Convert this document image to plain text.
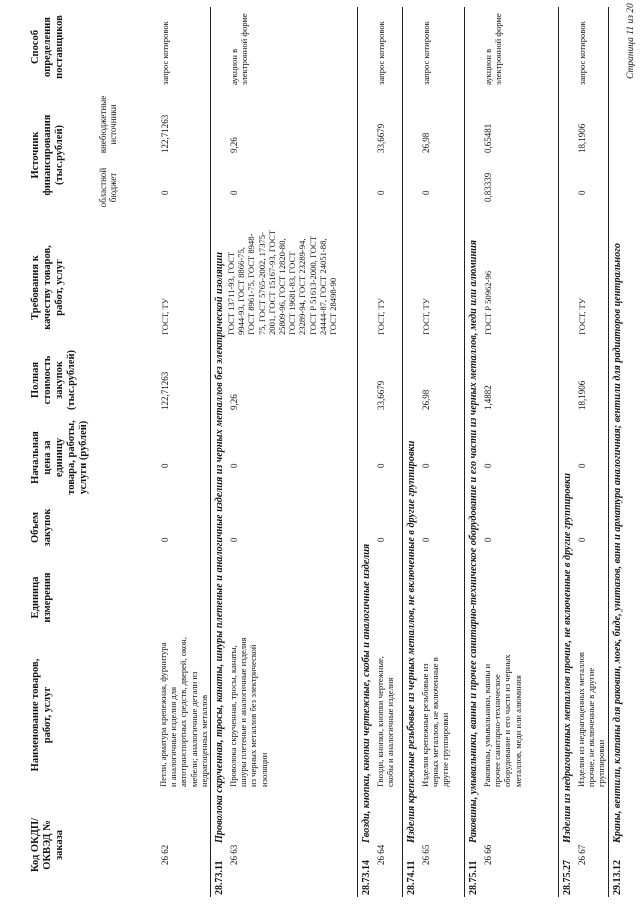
Код ОКДП/ ОКВЭД № заказа
Наименование товаров, работ, услуг
Единица измерения
Объем закупок
Начальная цена за единицу товара, работы, услуги (рублей)
Полная стоимость закупок (тыс.рублей)
Требования к качеству товаров, работ, услуг
Источник финансирования (тыс.рублей)
областной бюджет
внебюджетные источники
Способ определения поставщиков
26 62
Петли, арматура крепежная, фурнитура и аналогичные изделия для автотранспортных средств, дверей, окон, мебели; аналогичные детали из недрагоценных металлов
0
0
122,71263
ГОСТ, ТУ
0
122,71263
запрос котировок
28.73.11
Проволока скрученная, тросы, канаты, шнуры плетеные и аналогичные изделия из черных металлов без электрической изоляции
26 63
Проволока скрученная, тросы, канаты, шнуры плетеные и аналогичные изделия из черных металлов без электрической изоляции
0
0
9,26
ГОСТ 13711-93, ГОСТ 9944-93, ГОСТ 8866-75, ГОСТ 8961-75, ГОСТ 8948-75, ГОСТ 5765-2002, 17375-2001, ГОСТ 15167-93, ГОСТ 25809-96, ГОСТ 12820-80, ГОСТ 19681-83, ГОСТ 23289-94, ГОСТ 23289-94, ГОСТ Р 51613-2000, ГОСТ 24444-87, ГОСТ 24051-88, ГОСТ 28498-90
0
9,26
аукцион в электронной форме
28.73.14
Гвозди, кнопки, кнопки чертежные, скобы и аналогичные изделия
26 64
Гвозди, кнопки, кнопки чертежные, скобы и аналогичные изделия
0
0
33,6679
ГОСТ, ТУ
0
33,6679
запрос котировок
28.74.11
Изделия крепежные резьбовые из черных металлов, не включенные в другие группировки
26 65
Изделия крепежные резьбовые из черных металлов, не включенные в другие группировки
0
0
26,98
ГОСТ, ТУ
0
26,98
запрос котировок
28.75.11
Раковины, умывальники, ванны и прочее санитарно-техническое оборудование и его части из черных металлов, меди или алюминия
26 66
Раковины, умывальники, ванны и прочее санитарно-техническое оборудование и его части из черных металлов, меди или алюминия
0
0
1,4882
ГОСТ Р 50962-96
0,83339
0,65481
аукцион в электронной форме
28.75.27
Изделия из недрагоценных металлов прочие, не включенные в другие группировки
26 67
Изделия из недрагоценных металлов прочие, не включенные в другие группировки
0
0
18,1906
ГОСТ, ТУ
0
18,1906
запрос котировок
29.13.12
Краны, вентили, клапаны для раковин, моек, биде, унитазов, ванн и арматура аналогичная; вентили для радиаторов центрального
Страница 11 из 20
